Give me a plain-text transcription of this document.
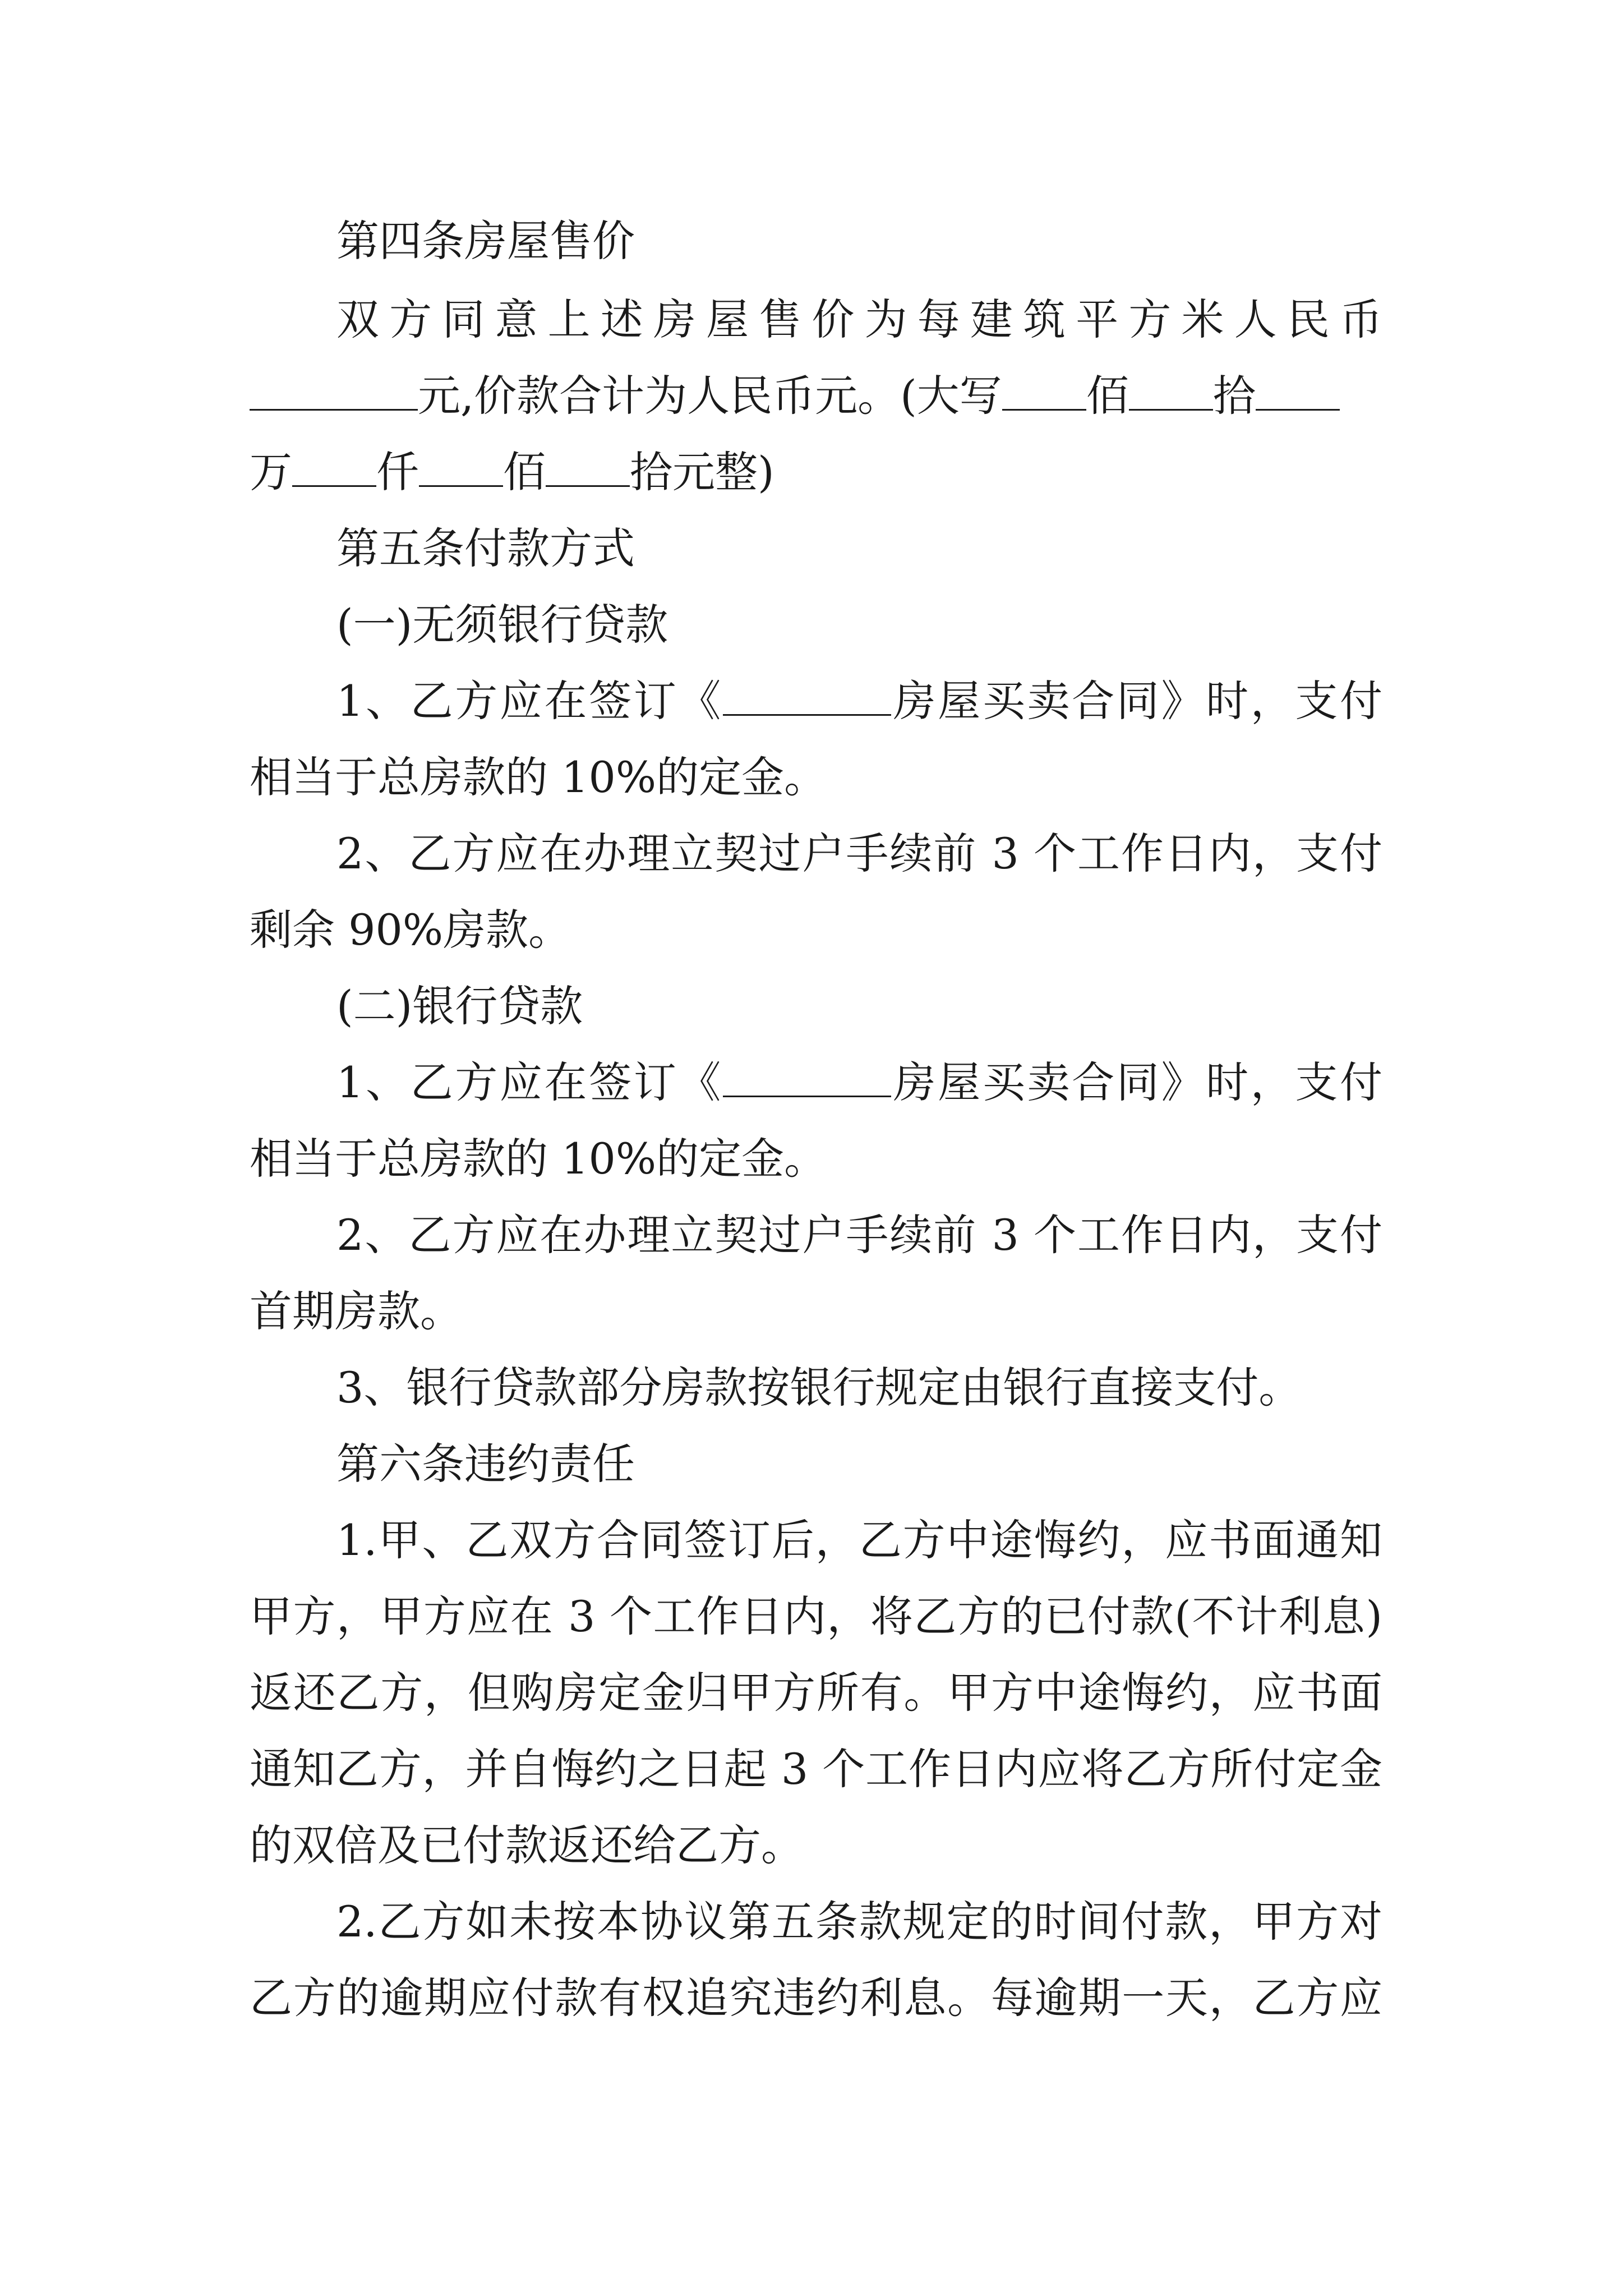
第四条房屋售价
双方同意上述房屋售价为每建筑平方米人民币
元,价款合计为人民币元。(大写 佰 拾
万 仟 佰 拾元整)
第五条付款方式
(一)无须银行贷款
1、乙方应在签订《	房屋买卖合同》时，支付
相当于总房款的 10%的定金。
2、乙方应在办理立契过户手续前 3 个工作日内，支付
剩余 90%房款。
(二)银行贷款
1、乙方应在签订《	房屋买卖合同》时，支付
相当于总房款的 10%的定金。
2、乙方应在办理立契过户手续前 3 个工作日内，支付
首期房款。
3、银行贷款部分房款按银行规定由银行直接支付。
第六条违约责任
1.甲、乙双方合同签订后，乙方中途悔约，应书面通知
甲方，甲方应在 3 个工作日内，将乙方的已付款(不计利息)
返还乙方，但购房定金归甲方所有。甲方中途悔约，应书面
通知乙方，并自悔约之日起 3 个工作日内应将乙方所付定金
的双倍及已付款返还给乙方。
2.乙方如未按本协议第五条款规定的时间付款，甲方对
乙方的逾期应付款有权追究违约利息。每逾期一天，乙方应
